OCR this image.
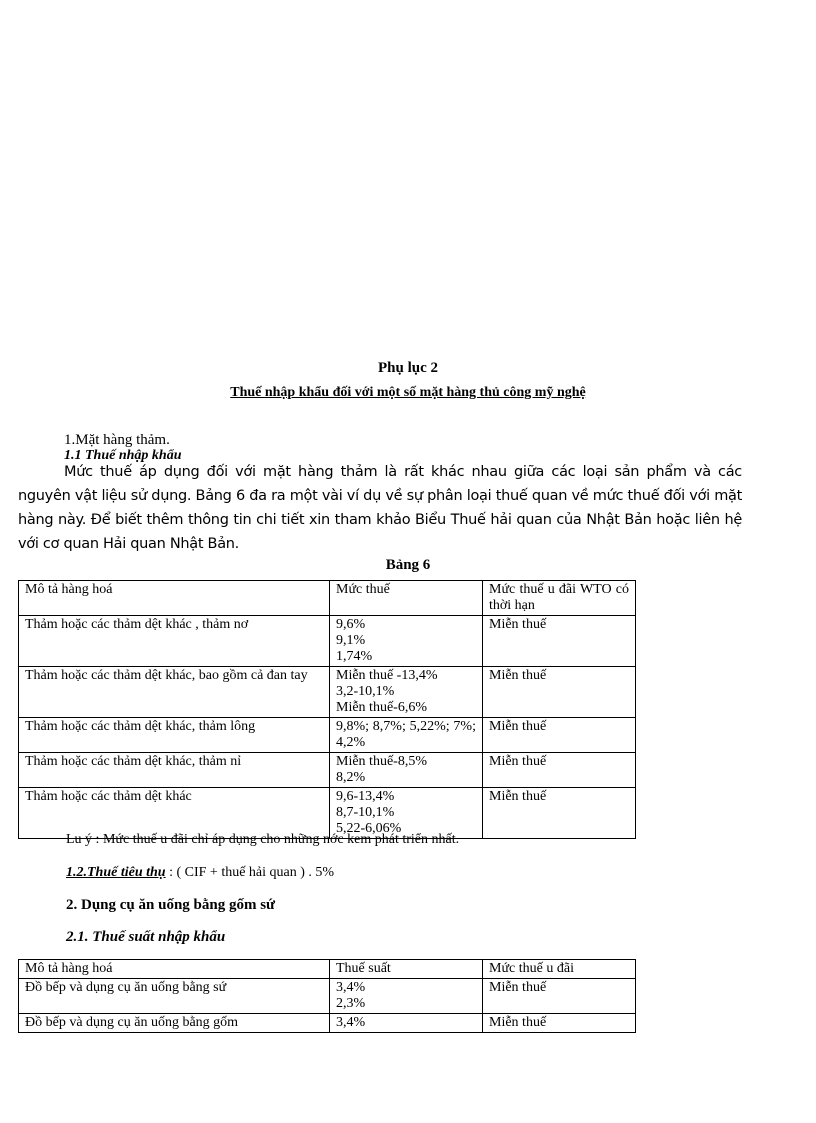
Phụ lục 2
Thuế nhập khẩu đối với một số mặt hàng thủ công mỹ nghệ
1.Mặt hàng thảm.
1.1 Thuế nhập khẩu
Mức thuế áp dụng đối với mặt hàng thảm là rất khác nhau giữa các loại sản phẩm và các nguyên vật liệu sử dụng. Bảng 6 đa ra một vài ví dụ về sự phân loại thuế quan về mức thuế đối với mặt hàng này. Để biết thêm thông tin chi tiết xin tham khảo Biểu Thuế hải quan của Nhật Bản hoặc liên hệ với cơ quan Hải quan Nhật Bản.
Bảng 6
Mô tả hàng hoá	Mức thuế	Mức thuế u đãi WTO có thời hạn
Thảm hoặc các thảm dệt khác , thảm nơ	9,6%
9,1%
1,74%	Miễn thuế
Thảm hoặc các thảm dệt khác, bao gồm cả đan tay	Miễn thuế -13,4%
3,2-10,1%
Miễn thuế-6,6%	Miễn thuế
Thảm hoặc các thảm dệt khác, thảm lông	9,8%; 8,7%; 5,22%; 7%; 4,2%	Miễn thuế
Thảm hoặc các thảm dệt khác, thảm nỉ	Miễn thuế-8,5%
8,2%	Miễn thuế
Thảm hoặc các thảm dệt khác	9,6-13,4%
8,7-10,1%
5,22-6,06%	Miễn thuế
Lu ý : Mức thuế u đãi chỉ áp dụng cho những nớc kem phát triển nhất.
1.2.Thuế tiêu thụ : ( CIF + thuế hải quan ) . 5%
2. Dụng cụ ăn uống bằng gốm sứ
2.1. Thuế suất nhập khẩu
Mô tả hàng hoá	Thuế suất	Mức thuế u đãi
Đồ bếp và dụng cụ ăn uống bằng sứ	3,4%
2,3%	Miễn thuế
Đồ bếp và dụng cụ ăn uống bằng gốm	3,4%	Miễn thuế
